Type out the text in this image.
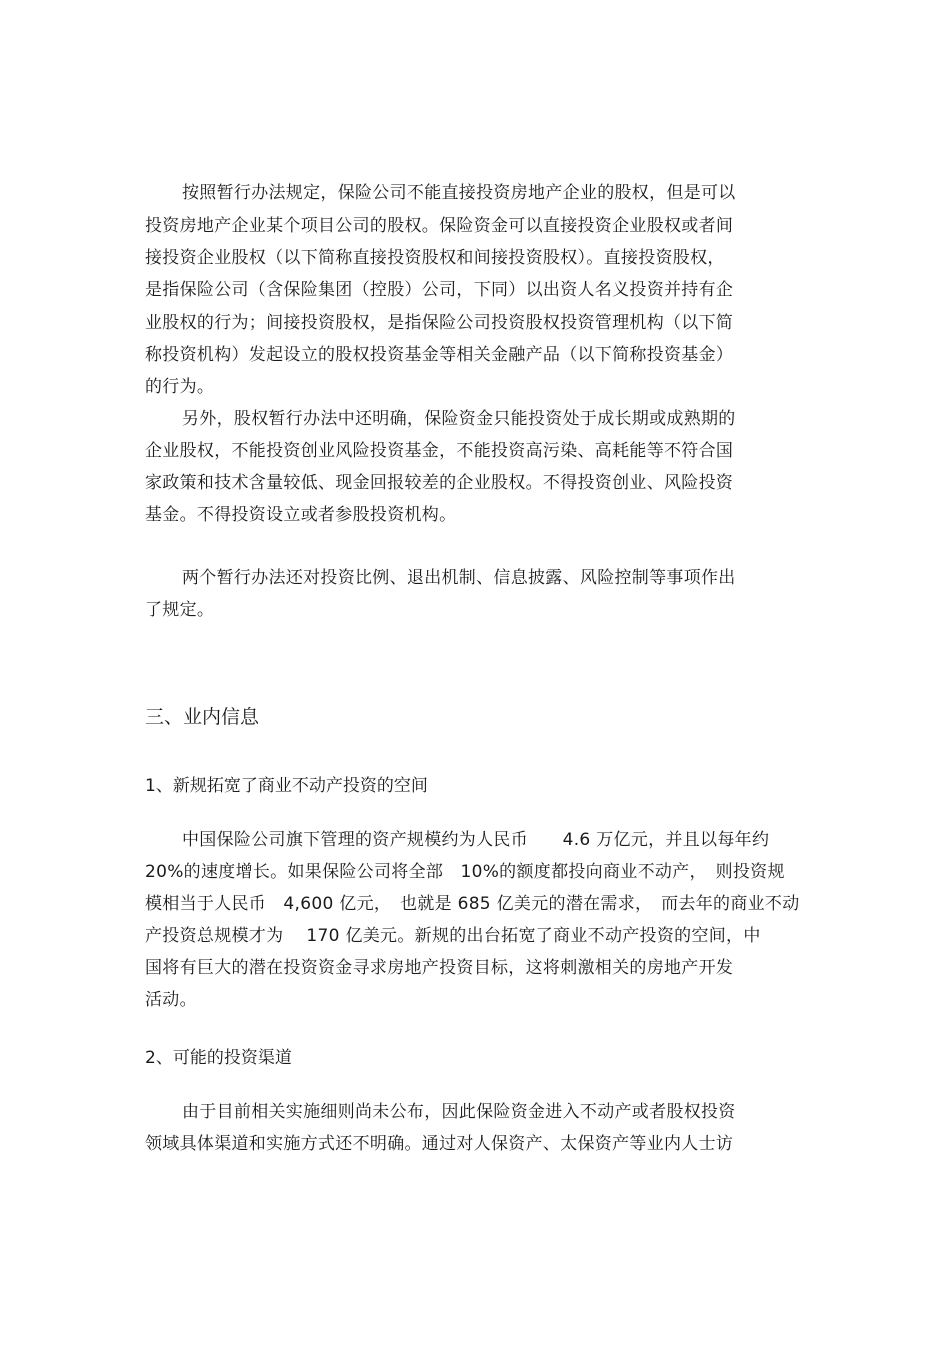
按照暂行办法规定，保险公司不能直接投资房地产企业的股权，但是可以
投资房地产企业某个项目公司的股权。保险资金可以直接投资企业股权或者间
接投资企业股权（以下简称直接投资股权和间接投资股权）。直接投资股权，
是指保险公司（含保险集团（控股）公司，下同）以出资人名义投资并持有企
业股权的行为；间接投资股权，是指保险公司投资股权投资管理机构（以下简
称投资机构）发起设立的股权投资基金等相关金融产品（以下简称投资基金）
的行为。
另外，股权暂行办法中还明确，保险资金只能投资处于成长期或成熟期的
企业股权，不能投资创业风险投资基金，不能投资高污染、高耗能等不符合国
家政策和技术含量较低、现金回报较差的企业股权。不得投资创业、风险投资
基金。不得投资设立或者参股投资机构。
两个暂行办法还对投资比例、退出机制、信息披露、风险控制等事项作出
了规定。
三、业内信息
1、新规拓宽了商业不动产投资的空间
中国保险公司旗下管理的资产规模约为人民币　　4.6 万亿元，并且以每年约
20%的速度增长。如果保险公司将全部　10%的额度都投向商业不动产，　则投资规
模相当于人民币　4,600 亿元，　也就是 685 亿美元的潜在需求，　而去年的商业不动
产投资总规模才为　 170 亿美元。新规的出台拓宽了商业不动产投资的空间，中
国将有巨大的潜在投资资金寻求房地产投资目标，这将刺激相关的房地产开发
活动。
2、可能的投资渠道
由于目前相关实施细则尚未公布，因此保险资金进入不动产或者股权投资
领域具体渠道和实施方式还不明确。通过对人保资产、太保资产等业内人士访
